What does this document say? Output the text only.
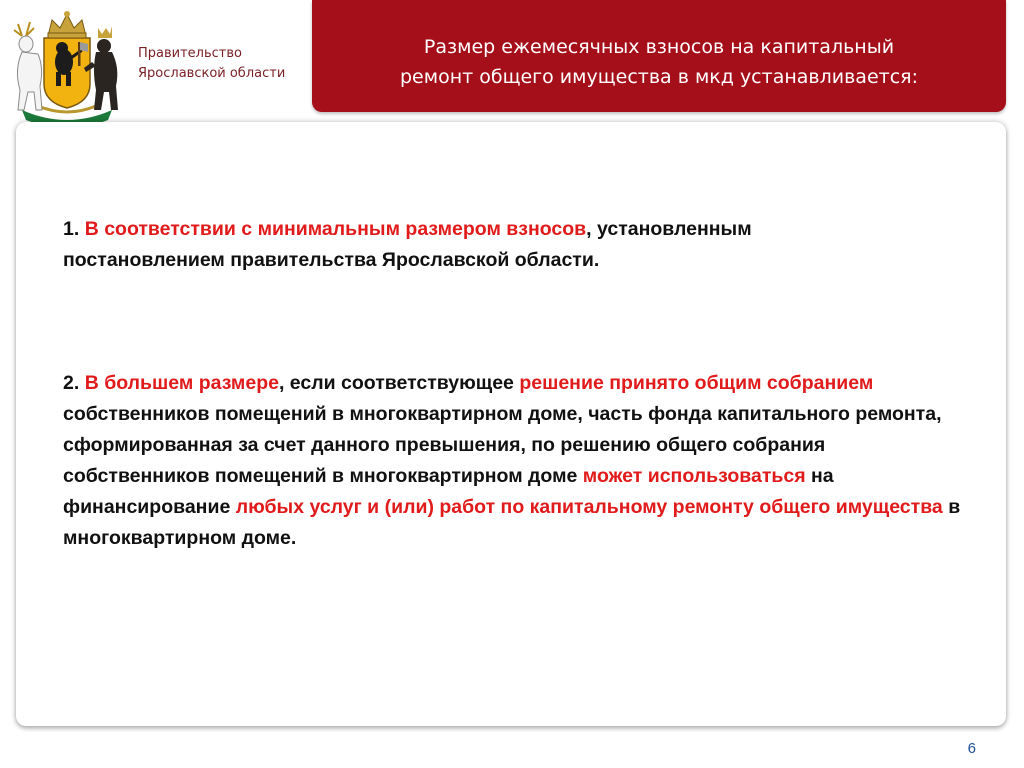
Правительство
Ярославской области
Размер ежемесячных взносов на капитальный
ремонт общего имущества в мкд устанавливается:
1. В соответствии с минимальным размером взносов, установленным постановлением правительства Ярославской области.
2. В большем размере, если соответствующее решение принято общим собранием собственников помещений в многоквартирном доме, часть фонда капитального ремонта, сформированная за счет данного превышения, по решению общего собрания собственников помещений в многоквартирном доме может использоваться на финансирование любых услуг и (или) работ по капитальному ремонту общего имущества в многоквартирном доме.
6
